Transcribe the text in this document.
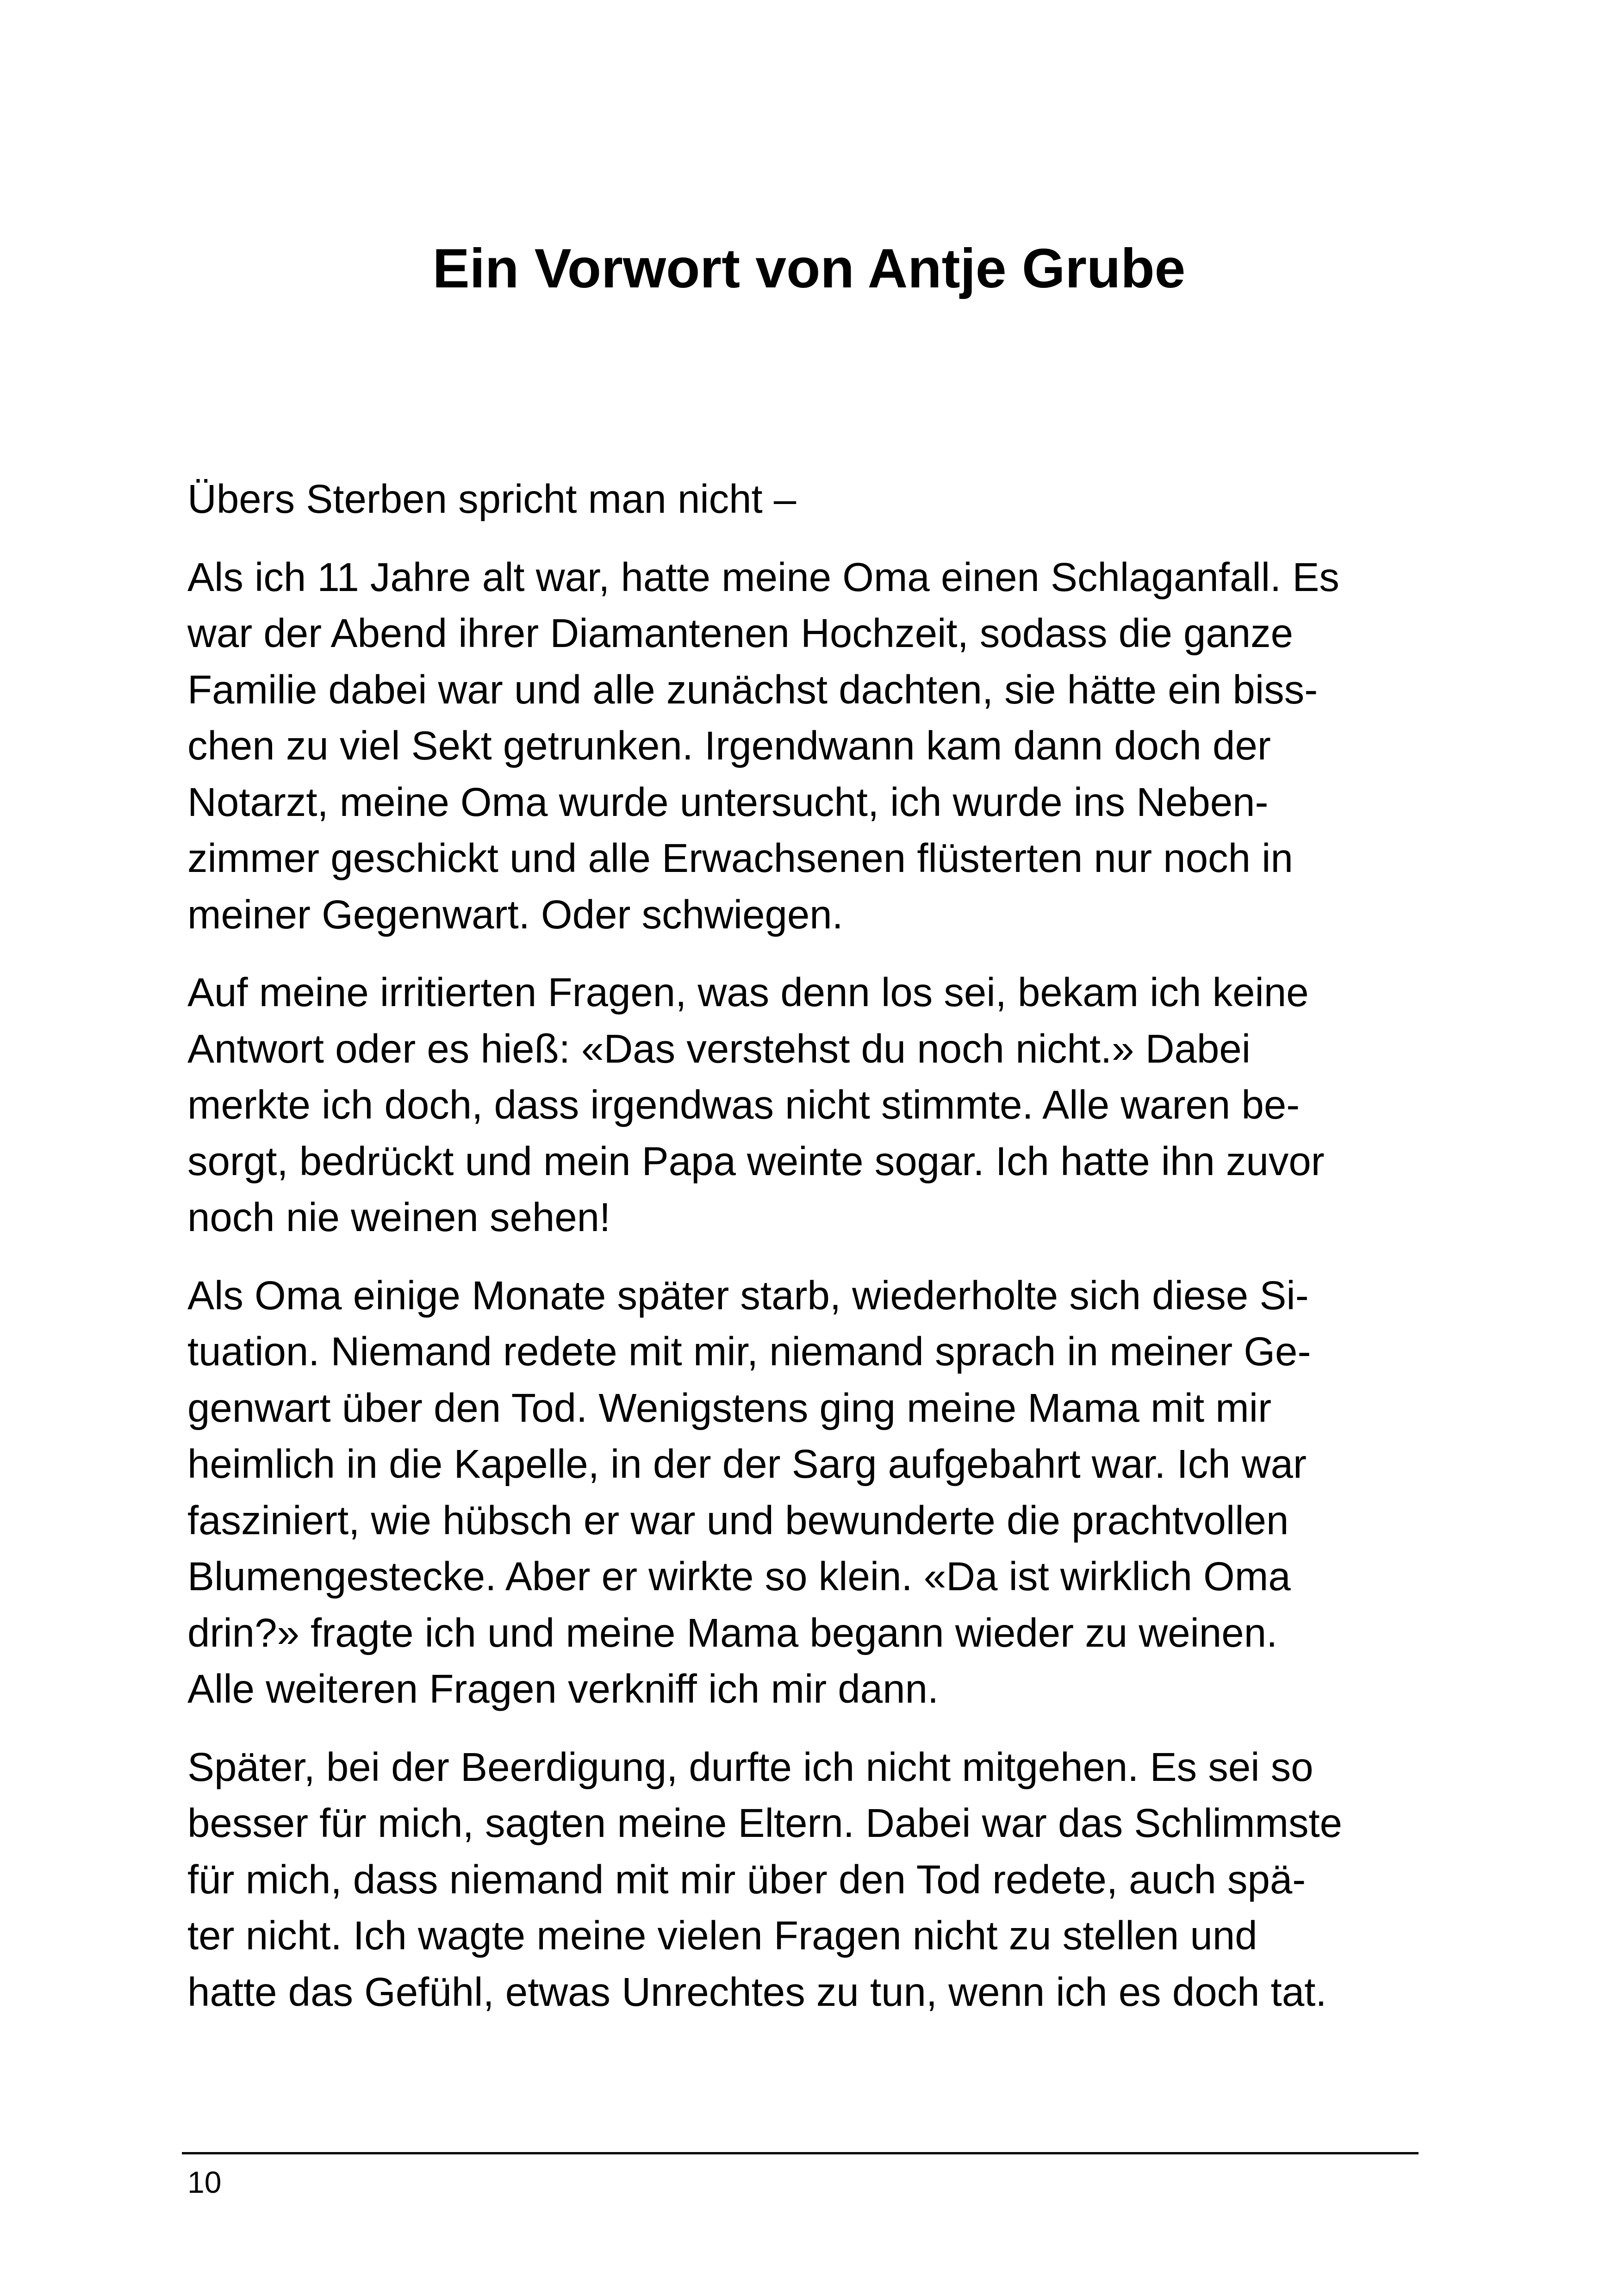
Ein Vorwort von Antje Grube

Übers Sterben spricht man nicht –

Als ich 11 Jahre alt war, hatte meine Oma einen Schlaganfall. Es
war der Abend ihrer Diamantenen Hochzeit, sodass die ganze
Familie dabei war und alle zunächst dachten, sie hätte ein biss-
chen zu viel Sekt getrunken. Irgendwann kam dann doch der
Notarzt, meine Oma wurde untersucht, ich wurde ins Neben-
zimmer geschickt und alle Erwachsenen flüsterten nur noch in
meiner Gegenwart. Oder schwiegen.

Auf meine irritierten Fragen, was denn los sei, bekam ich keine
Antwort oder es hieß: «Das verstehst du noch nicht.» Dabei
merkte ich doch, dass irgendwas nicht stimmte. Alle waren be-
sorgt, bedrückt und mein Papa weinte sogar. Ich hatte ihn zuvor
noch nie weinen sehen!

Als Oma einige Monate später starb, wiederholte sich diese Si-
tuation. Niemand redete mit mir, niemand sprach in meiner Ge-
genwart über den Tod. Wenigstens ging meine Mama mit mir
heimlich in die Kapelle, in der der Sarg aufgebahrt war. Ich war
fasziniert, wie hübsch er war und bewunderte die prachtvollen
Blumengestecke. Aber er wirkte so klein. «Da ist wirklich Oma
drin?» fragte ich und meine Mama begann wieder zu weinen.
Alle weiteren Fragen verkniff ich mir dann.

Später, bei der Beerdigung, durfte ich nicht mitgehen. Es sei so
besser für mich, sagten meine Eltern. Dabei war das Schlimmste
für mich, dass niemand mit mir über den Tod redete, auch spä-
ter nicht. Ich wagte meine vielen Fragen nicht zu stellen und
hatte das Gefühl, etwas Unrechtes zu tun, wenn ich es doch tat.

10
